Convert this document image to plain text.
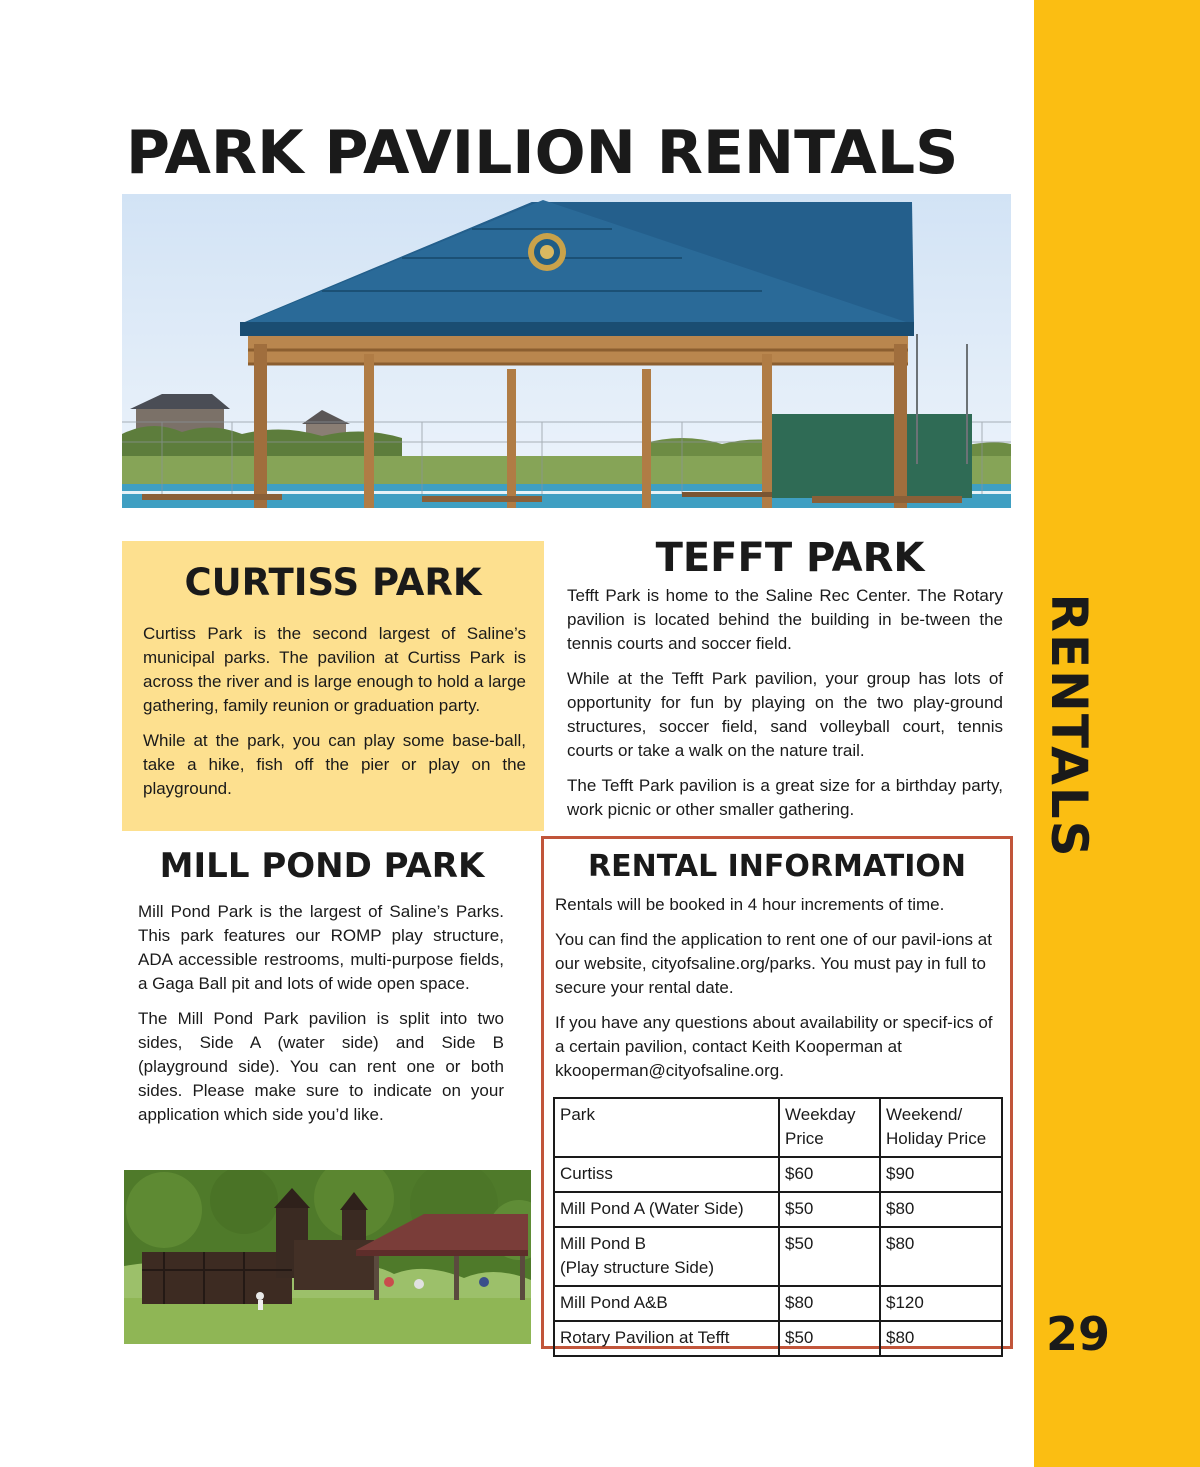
RENTALS
29
PARK PAVILION RENTALS
CURTISS PARK

Curtiss Park is the second largest of Saline’s municipal parks. The pavilion at Curtiss Park is across the river and is large enough to hold a large gathering, family reunion or graduation party.

While at the park, you can play some base-ball, take a hike, fish off the pier or play on the playground.

TEFFT PARK

Tefft Park is home to the Saline Rec Center. The Rotary pavilion is located behind the building in be-tween the tennis courts and soccer field.

While at the Tefft Park pavilion, your group has lots of opportunity for fun by playing on the two play-ground structures, soccer field, sand volleyball court, tennis courts or take a walk on the nature trail.

The Tefft Park pavilion is a great size for a birthday party, work picnic or other smaller gathering.

MILL POND PARK

Mill Pond Park is the largest of Saline’s Parks. This park features our ROMP play structure, ADA accessible restrooms, multi-purpose fields, a Gaga Ball pit and lots of wide open space.

The Mill Pond Park pavilion is split into two sides, Side A (water side) and Side B (playground side). You can rent one or both sides. Please make sure to indicate on your application which side you’d like.

RENTAL INFORMATION

Rentals will be booked in 4 hour increments of time.

You can find the application to rent one of our pavil-ions at our website, cityofsaline.org/parks. You must pay in full to secure your rental date.

If you have any questions about availability or specif-ics of a certain pavilion, contact Keith Kooperman at kkooperman@cityofsaline.org.

Park	Weekday Price	Weekend/ Holiday Price
Curtiss	$60	$90
Mill Pond A (Water Side)	$50	$80
Mill Pond B
(Play structure Side)	$50	$80
Mill Pond A&B	$80	$120
Rotary Pavilion at Tefft	$50	$80
